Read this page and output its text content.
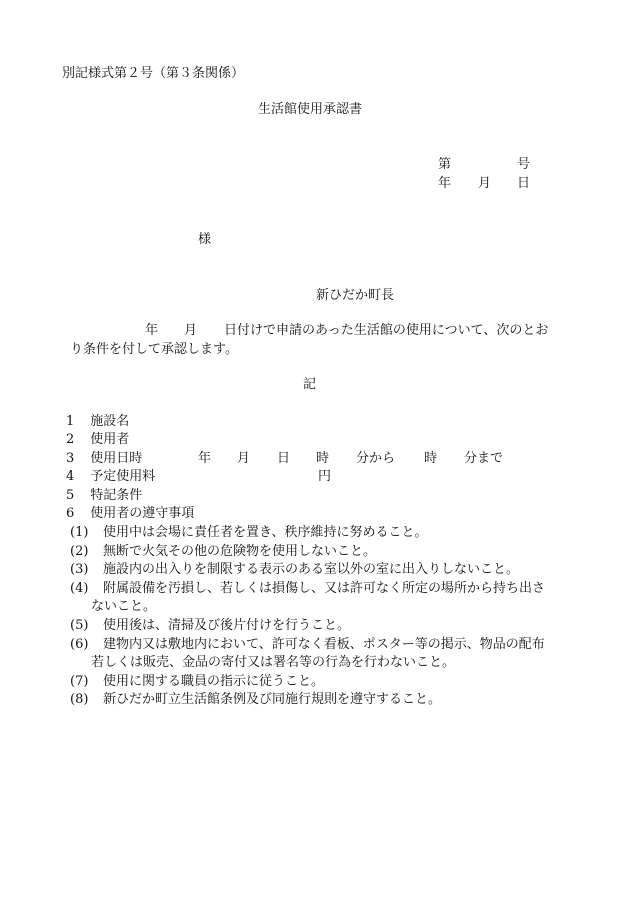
別記様式第２号（第３条関係）
生活館使用承認書
第	号
年 月 日
様
新ひだか町長
年 月 日付けで申請のあった生活館の使用について、次のとお
り条件を付して承認します。
記
1 施設名
2 使用者
3 使用日時	年 月 日 時 分から 時 分まで
4 予定使用料	円
5 特記条件
6 使用者の遵守事項
(1) 使用中は会場に責任者を置き、秩序維持に努めること。
(2) 無断で火気その他の危険物を使用しないこと。
(3) 施設内の出入りを制限する表示のある室以外の室に出入りしないこと。
(4) 附属設備を汚損し、若しくは損傷し、又は許可なく所定の場所から持ち出さ
ないこと。
(5) 使用後は、清掃及び後片付けを行うこと。
(6) 建物内又は敷地内において、許可なく看板、ポスター等の掲示、物品の配布
若しくは販売、金品の寄付又は署名等の行為を行わないこと。
(7) 使用に関する職員の指示に従うこと。
(8) 新ひだか町立生活館条例及び同施行規則を遵守すること。
